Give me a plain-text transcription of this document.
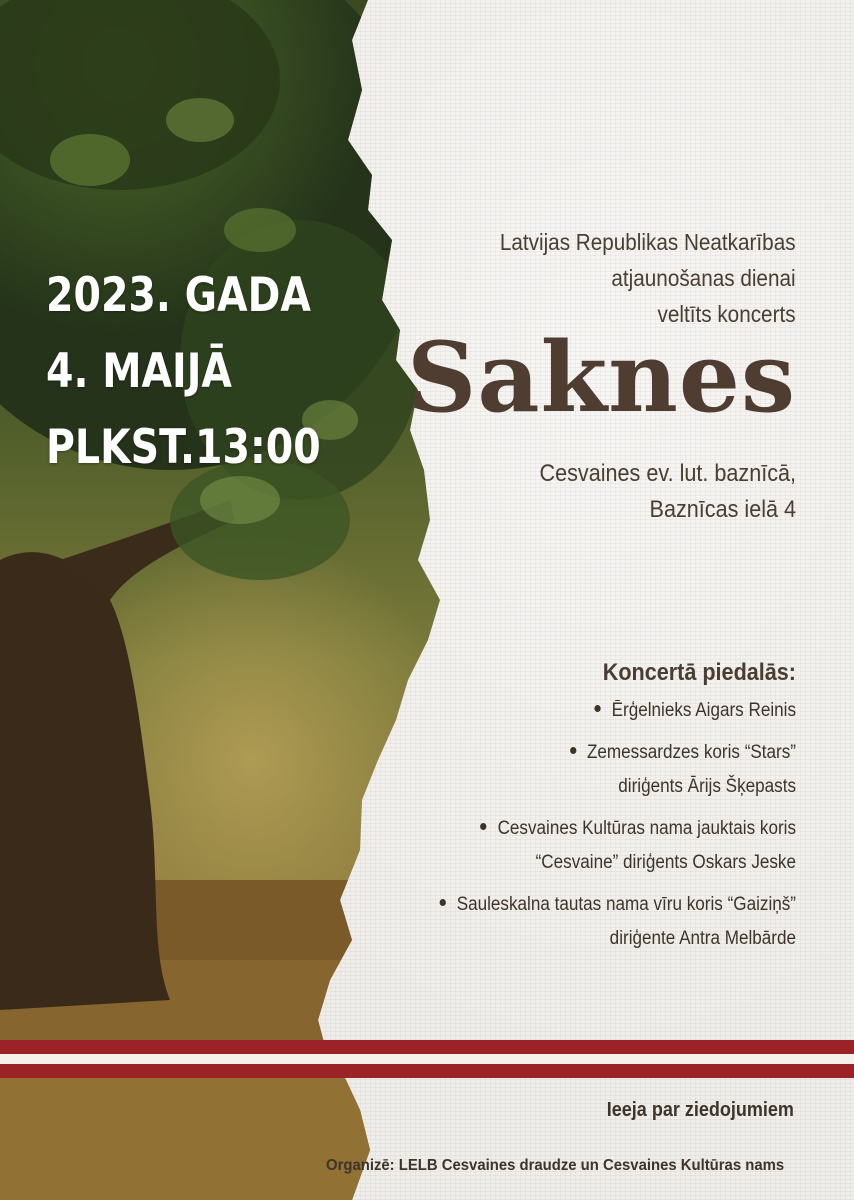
2023. GADA
4. MAIJĀ
PLKST.13:00
Latvijas Republikas Neatkarības
atjaunošanas dienai
veltīts koncerts
Saknes
Cesvaines ev. lut. baznīcā,
Baznīcas ielā 4
Koncertā piedalās:
Ērģelnieks Aigars Reinis
Zemessardzes koris “Stars”
diriģents Ārijs Šķepasts
Cesvaines Kultūras nama jauktais koris
“Cesvaine” diriģents Oskars Jeske
Sauleskalna tautas nama vīru koris “Gaiziņš”
diriģente Antra Melbārde
Ieeja par ziedojumiem
Organizē: LELB Cesvaines draudze un Cesvaines Kultūras nams
